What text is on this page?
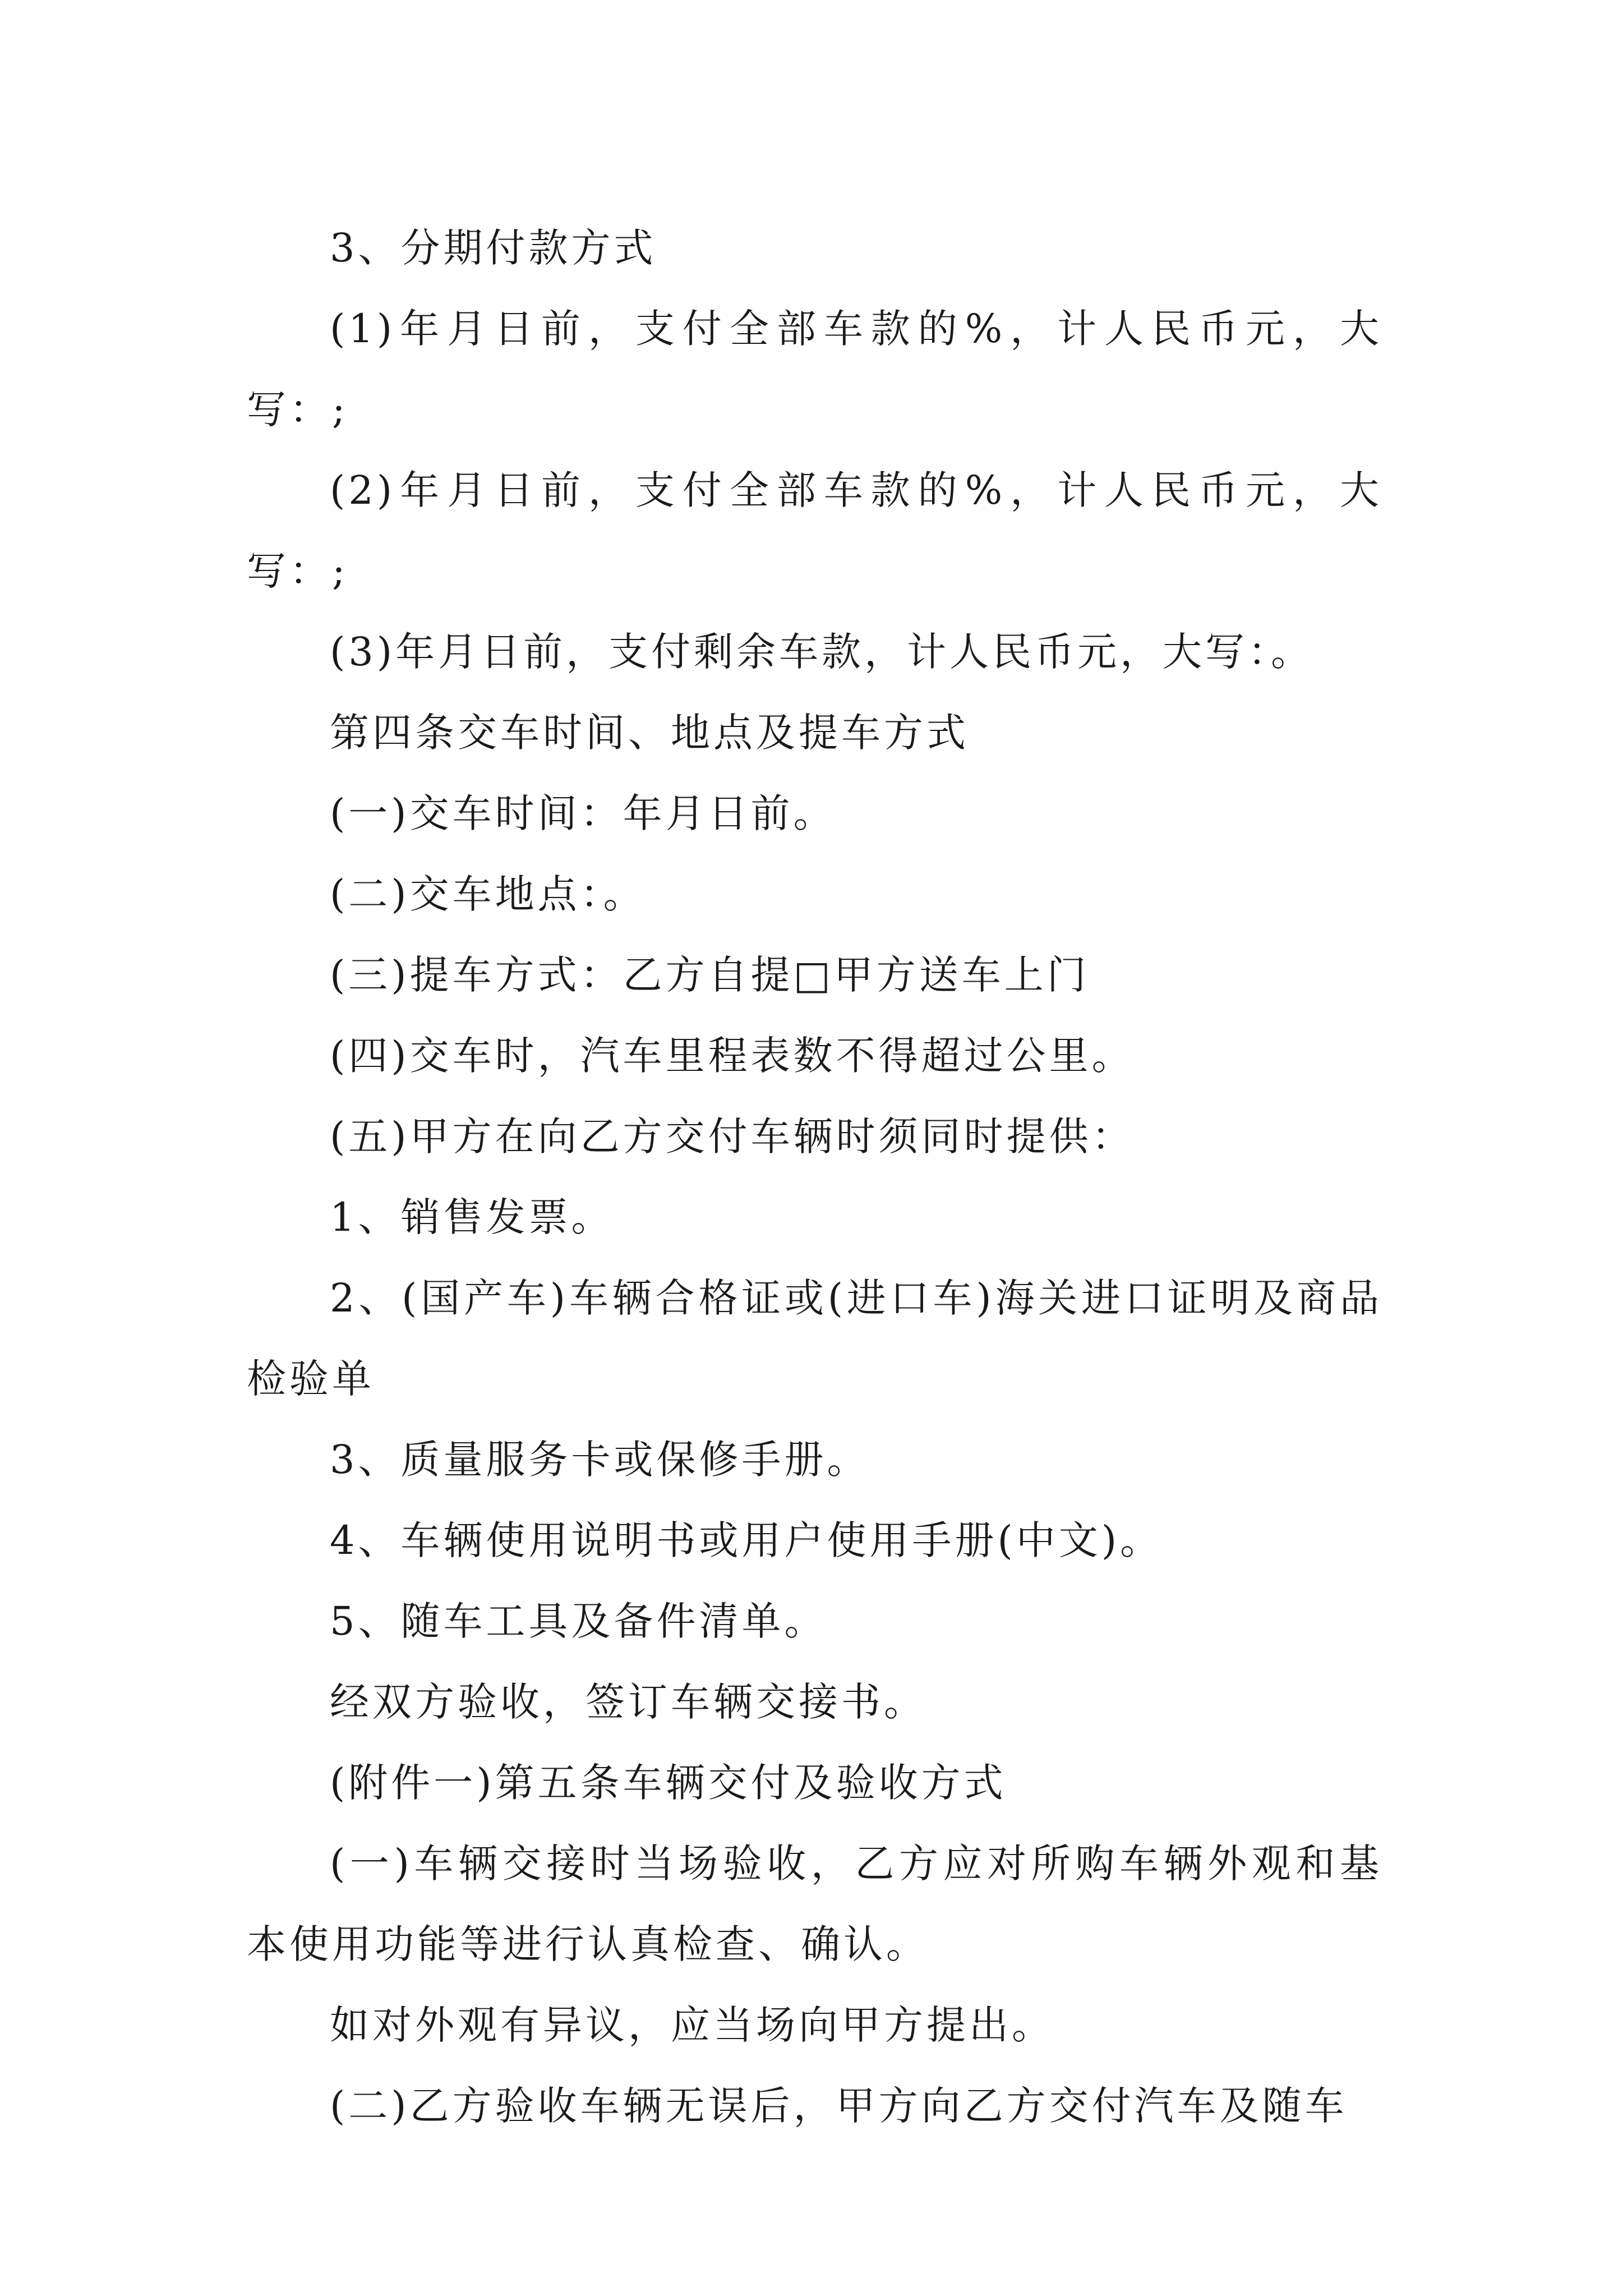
3、分期付款方式

(1)年月日前，支付全部车款的%，计人民币元，大写：;

(2)年月日前，支付全部车款的%，计人民币元，大写：;

(3)年月日前，支付剩余车款，计人民币元，大写：。

第四条交车时间、地点及提车方式

(一)交车时间：年月日前。

(二)交车地点：。

(三)提车方式：乙方自提□甲方送车上门

(四)交车时，汽车里程表数不得超过公里。

(五)甲方在向乙方交付车辆时须同时提供：

1、销售发票。

2、(国产车)车辆合格证或(进口车)海关进口证明及商品检验单

3、质量服务卡或保修手册。

4、车辆使用说明书或用户使用手册(中文)。

5、随车工具及备件清单。

经双方验收，签订车辆交接书。

(附件一)第五条车辆交付及验收方式

(一)车辆交接时当场验收，乙方应对所购车辆外观和基本使用功能等进行认真检查、确认。

如对外观有异议，应当场向甲方提出。

(二)乙方验收车辆无误后，甲方向乙方交付汽车及随车
